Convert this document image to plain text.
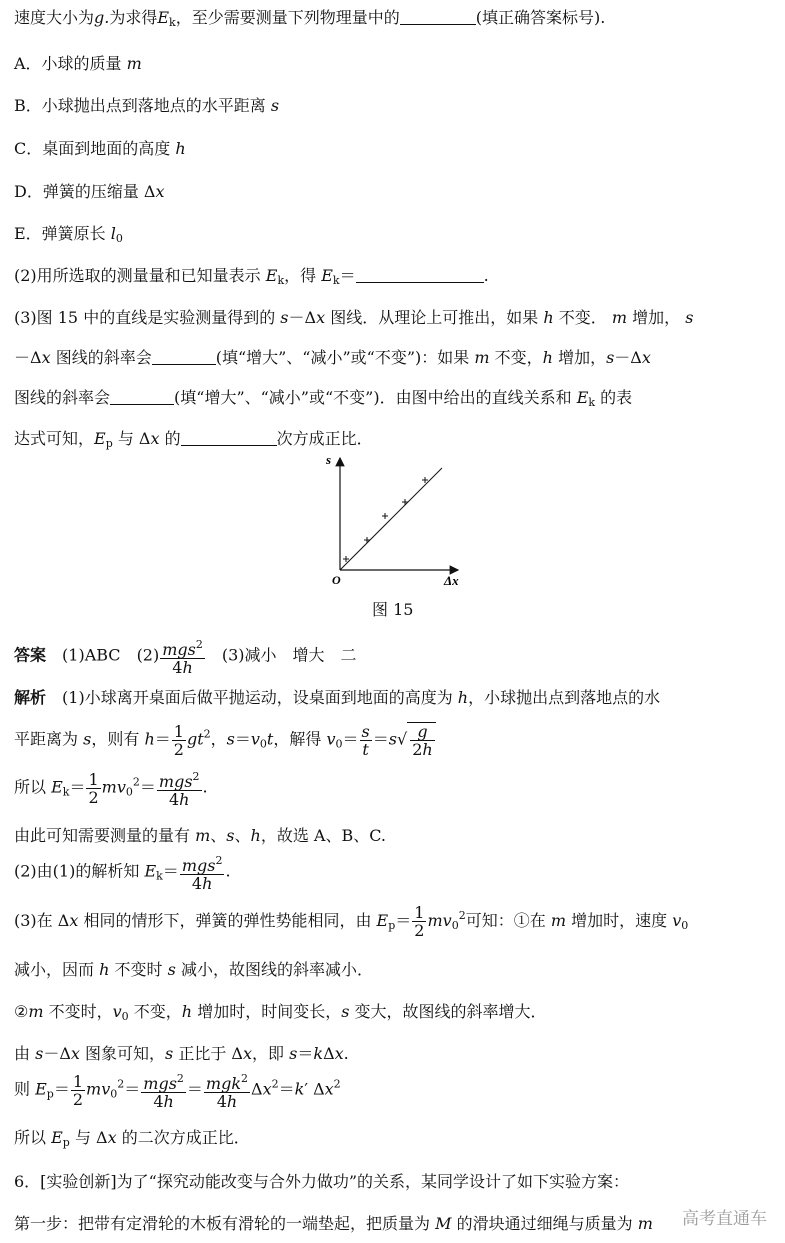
速度大小为g.为求得$E_k$，至少需要测量下列物理量中的	(填正确答案标号).
A．小球的质量 m
B．小球抛出点到落地点的水平距离 s
C．桌面到地面的高度 h
D．弹簧的压缩量 Δx
E．弹簧原长 $l_0$
(2)用所选取的测量量和已知量表示 $E_k$，得 $E_k=$	.
(3)图 15 中的直线是实验测量得到的 s－Δx 图线．从理论上可推出，如果 h 不变． m 增加， s
－Δx 图线的斜率会	(填“增大”、“减小”或“不变”)：如果 m 不变，h 增加，s－Δx
图线的斜率会	(填“增大”、“减小”或“不变”)．由图中给出的直线关系和 $E_k$ 的表
达式可知，$E_p$ 与 Δx 的	次方成正比．
s
Δx
O
图 15
答案　 (1)ABC　 $(2) \frac{mgs^2}{4h}$
　 (3)减小　增大　二
解析　 (1)小球离开桌面后做平抛运动，设桌面到地面的高度为 h，小球抛出点到落地点的水
平距离为 s，则有 $h= \frac{1}{2} gt^2$，$s=v_0t$，解得 $v_0= \frac{s}{t} =s√ \frac{g}{2h}$
所以 $E_k= \frac{1}{2} mv_0^2= \frac{mgs^2}{4h}$ .
由此可知需要测量的量有 m、s、h，故选 A、B、C.
(2)由(1)的解析知 $E_k= \frac{mgs^2}{4h}$ .
(3)在 Δx 相同的情形下，弹簧的弹性势能相同，由 $E_p= \frac{1}{2} mv_0^2$可知：①在 m 增加时，速度 $v_0$
减小，因而 h 不变时 s 减小，故图线的斜率减小．
②m 不变时，$v_0$ 不变，h 增加时，时间变长，s 变大，故图线的斜率增大．
由 s－Δx 图象可知，s 正比于 Δx，即 s＝kΔx.
则 $E_p= \frac{1}{2} mv_0^2= \frac{mgs^2}{4h} = \frac{mgk^2}{4h} \Delta x^2=k'$ $\Delta x^2$
所以 $E_p$ 与 Δx 的二次方成正比．
6．[实验创新]为了“探究动能改变与合外力做功”的关系，某同学设计了如下实验方案：
第一步：把带有定滑轮的木板有滑轮的一端垫起，把质量为 M 的滑块通过细绳与质量为 m 高考直通车
